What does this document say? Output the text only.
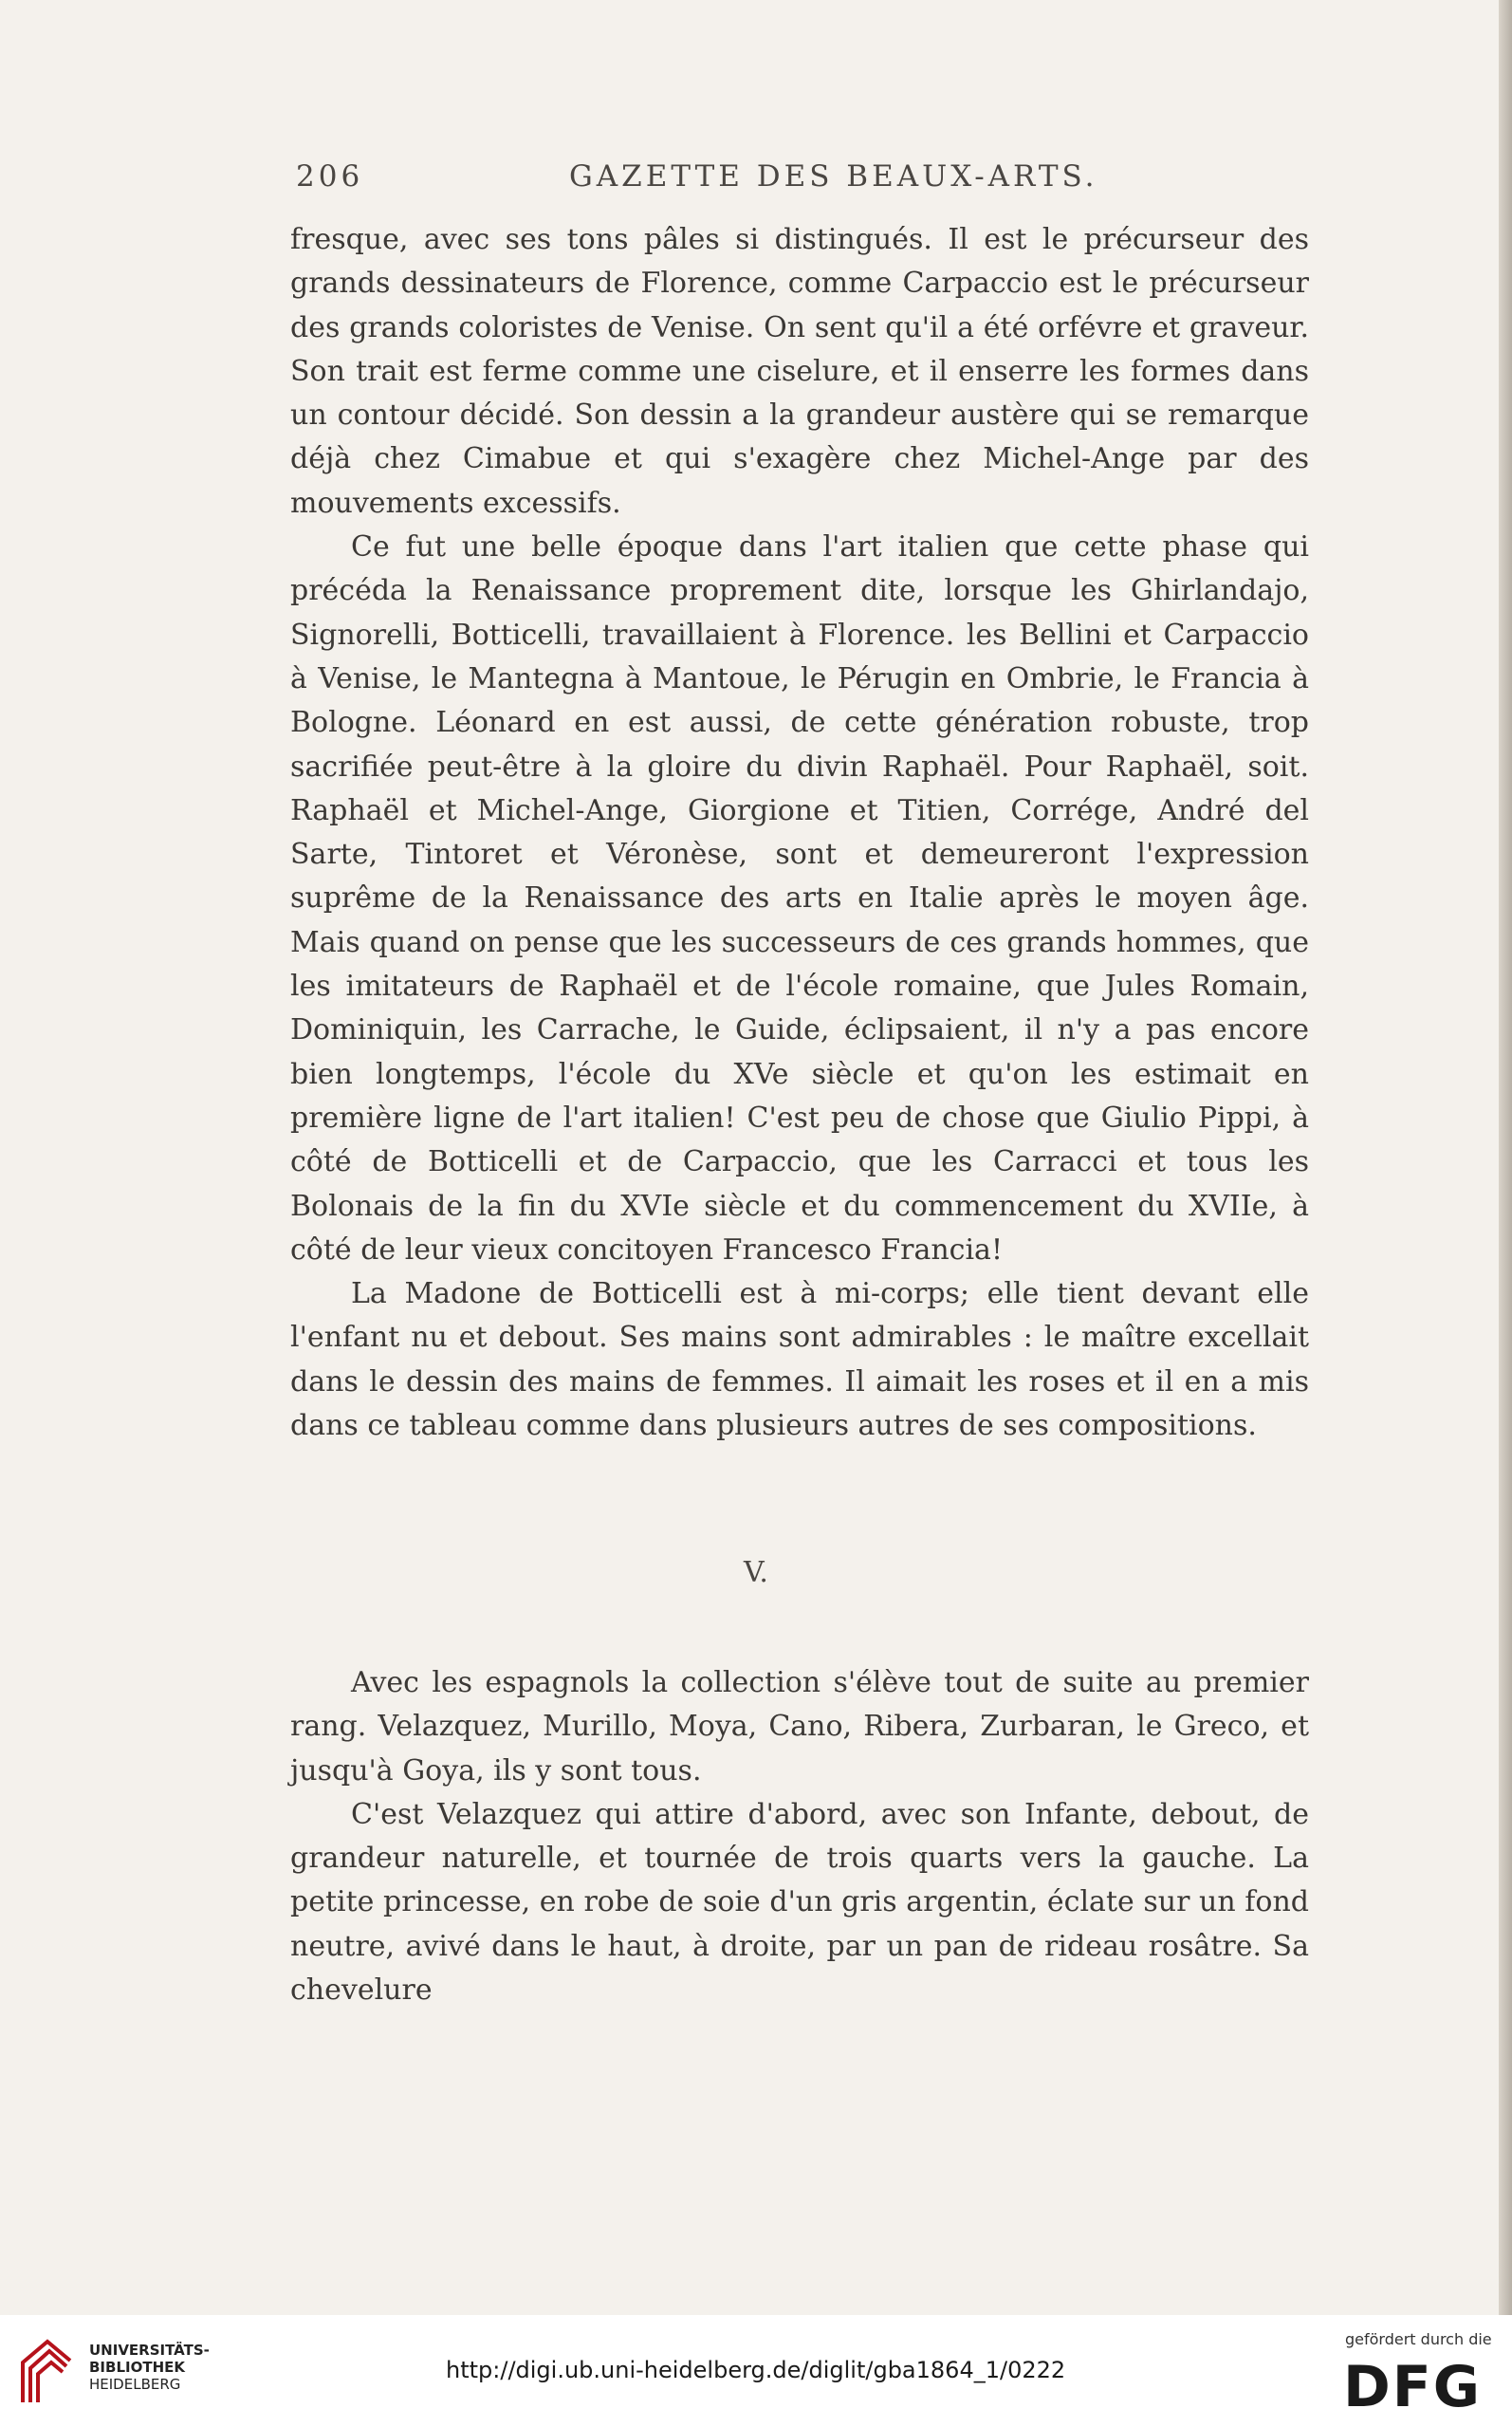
206	GAZETTE DES BEAUX-ARTS.

fresque, avec ses tons pâles si distingués. Il est le précurseur des grands dessinateurs de Florence, comme Carpaccio est le précurseur des grands coloristes de Venise. On sent qu'il a été orfévre et graveur. Son trait est ferme comme une ciselure, et il enserre les formes dans un contour décidé. Son dessin a la grandeur austère qui se remarque déjà chez Cimabue et qui s'exagère chez Michel-Ange par des mouvements excessifs.

Ce fut une belle époque dans l'art italien que cette phase qui précéda la Renaissance proprement dite, lorsque les Ghirlandajo, Signorelli, Botticelli, travaillaient à Florence. les Bellini et Carpaccio à Venise, le Mantegna à Mantoue, le Pérugin en Ombrie, le Francia à Bologne. Léonard en est aussi, de cette génération robuste, trop sacrifiée peut-être à la gloire du divin Raphaël. Pour Raphaël, soit. Raphaël et Michel-Ange, Giorgione et Titien, Corrége, André del Sarte, Tintoret et Véronèse, sont et demeureront l'expression suprême de la Renaissance des arts en Italie après le moyen âge. Mais quand on pense que les successeurs de ces grands hommes, que les imitateurs de Raphaël et de l'école romaine, que Jules Romain, Dominiquin, les Carrache, le Guide, éclipsaient, il n'y a pas encore bien longtemps, l'école du XVe siècle et qu'on les estimait en première ligne de l'art italien! C'est peu de chose que Giulio Pippi, à côté de Botticelli et de Carpaccio, que les Carracci et tous les Bolonais de la fin du XVIe siècle et du commencement du XVIIe, à côté de leur vieux concitoyen Francesco Francia!

La Madone de Botticelli est à mi-corps; elle tient devant elle l'enfant nu et debout. Ses mains sont admirables : le maître excellait dans le dessin des mains de femmes. Il aimait les roses et il en a mis dans ce tableau comme dans plusieurs autres de ses compositions.

V.

Avec les espagnols la collection s'élève tout de suite au premier rang. Velazquez, Murillo, Moya, Cano, Ribera, Zurbaran, le Greco, et jusqu'à Goya, ils y sont tous.

C'est Velazquez qui attire d'abord, avec son Infante, debout, de grandeur naturelle, et tournée de trois quarts vers la gauche. La petite princesse, en robe de soie d'un gris argentin, éclate sur un fond neutre, avivé dans le haut, à droite, par un pan de rideau rosâtre. Sa chevelure

UNIVERSITÄTS-
BIBLIOTHEK
HEIDELBERG
http://digi.ub.uni-heidelberg.de/diglit/gba1864_1/0222
gefördert durch die
DFG
